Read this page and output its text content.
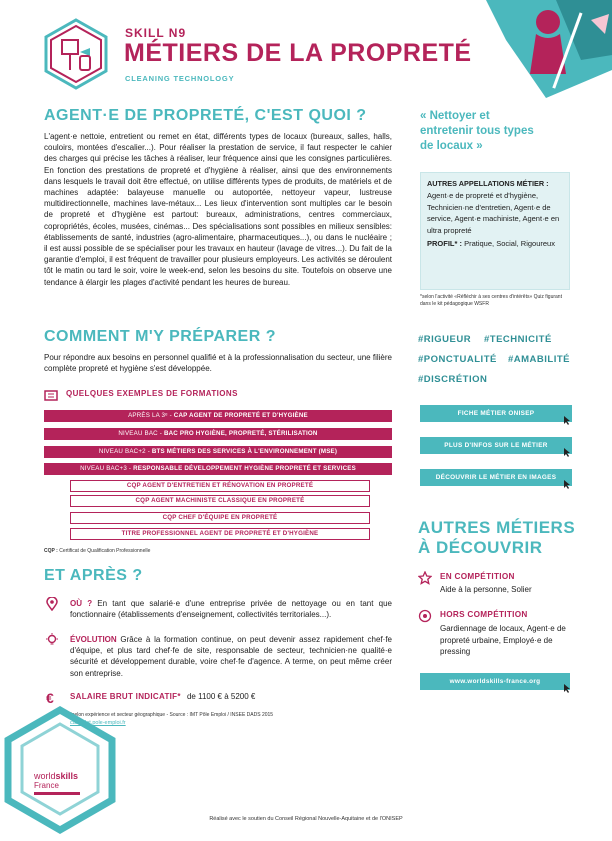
SKILL N9
MÉTIERS DE LA PROPRETÉ
CLEANING TECHNOLOGY
AGENT·E DE PROPRETÉ, C'EST QUOI ?
L'agent·e nettoie, entretient ou remet en état, différents types de locaux (bureaux, salles, halls, couloirs, montées d'escalier...). Pour réaliser la prestation de service, il faut respecter le cahier des charges qui précise les tâches à réaliser, leur fréquence ainsi que les consignes particulières. En fonction des prestations de propreté et d'hygiène à réaliser, ainsi que des environnements dans lesquels le travail doit être effectué, on utilise différents types de produits, de matériels et de machines adaptée: balayeuse manuelle ou autoportée, nettoyeur vapeur, lustreuse multidirectionnelle, machines lave-métaux... Les lieux d'intervention sont multiples car le besoin de propreté et d'hygiène est partout: bureaux, administrations, centres commerciaux, copropriétés, écoles, musées, cinémas... Des spécialisations sont possibles en milieux sensibles: établissements de santé, industries (agro-alimentaire, pharmaceutiques...), ou dans le nucléaire ; il est aussi possible de se spécialiser pour les travaux en hauteur (lavage de vitres...). Du fait de la garantie d'emploi, il est fréquent de travailler pour plusieurs employeurs. Les activités se déroulent tôt le matin ou tard le soir, voire le week-end, selon les besoins du site. Toutefois on observe une tendance à élargir les plages d'activité pendant les heures de bureau.
« Nettoyer et entretenir tous types de locaux »
AUTRES APPELLATIONS MÉTIER :
Agent·e de propreté et d'hygiène, Technicien·ne d'entretien, Agent·e de service, Agent·e machiniste, Agent·e en ultra propreté
PROFIL* : Pratique, Social, Rigoureux
*selon l'activité «Réfléchir à ses centres d'intérêts» Quiz figurant dans le kit pédagogique WSFR
COMMENT M'Y PRÉPARER ?
Pour répondre aux besoins en personnel qualifié et à la professionnalisation du secteur, une filière complète propreté et hygiène s'est développée.
QUELQUES EXEMPLES DE FORMATIONS
APRÈS LA 3ᵉ - CAP AGENT DE PROPRETÉ ET D'HYGIÈNE
NIVEAU BAC - BAC PRO HYGIÈNE, PROPRETÉ, STÉRILISATION
NIVEAU BAC+2 - BTS MÉTIERS DES SERVICES À L'ENVIRONNEMENT (MSE)
NIVEAU BAC+3 - RESPONSABLE DÉVELOPPEMENT HYGIÈNE PROPRETÉ ET SERVICES
CQP AGENT D'ENTRETIEN ET RÉNOVATION EN PROPRETÉ
CQP AGENT MACHINISTE CLASSIQUE EN PROPRETÉ
CQP CHEF D'ÉQUIPE EN PROPRETÉ
TITRE PROFESSIONNEL AGENT DE PROPRETÉ ET D'HYGIÈNE
CQP : Certificat de Qualification Professionnelle
#RIGUEUR #TECHNICITÉ
#PONCTUALITÉ #AMABILITÉ
#DISCRÉTION
FICHE MÉTIER ONISEP
PLUS D'INFOS SUR LE MÉTIER
DÉCOUVRIR LE MÉTIER EN IMAGES
ET APRÈS ?
OÙ ? En tant que salarié·e d'une entreprise privée de nettoyage ou en tant que fonctionnaire (établissements d'enseignement, collectivités territoriales...).
ÉVOLUTION Grâce à la formation continue, on peut devenir assez rapidement chef·fe d'équipe, et plus tard chef·fe de site, responsable de secteur, technicien·ne qualité·e sécurité et développement durable, voire chef·fe d'agence. A terme, on peut même créer son entreprise.
€ SALAIRE BRUT INDICATIF* de 1100 € à 5200 €
*selon expérience et secteur géographique - Source : IMT Pôle Emploi / INSEE DADS 2015
candidat.pole-emploi.fr
AUTRES MÉTIERS
À DÉCOUVRIR
EN COMPÉTITION
Aide à la personne, Solier
HORS COMPÉTITION
Gardiennage de locaux, Agent·e de propreté urbaine, Employé·e de pressing
www.worldskills-france.org
worldskills
France
Réalisé avec le soutien du Conseil Régional Nouvelle-Aquitaine et de l'ONISEP
